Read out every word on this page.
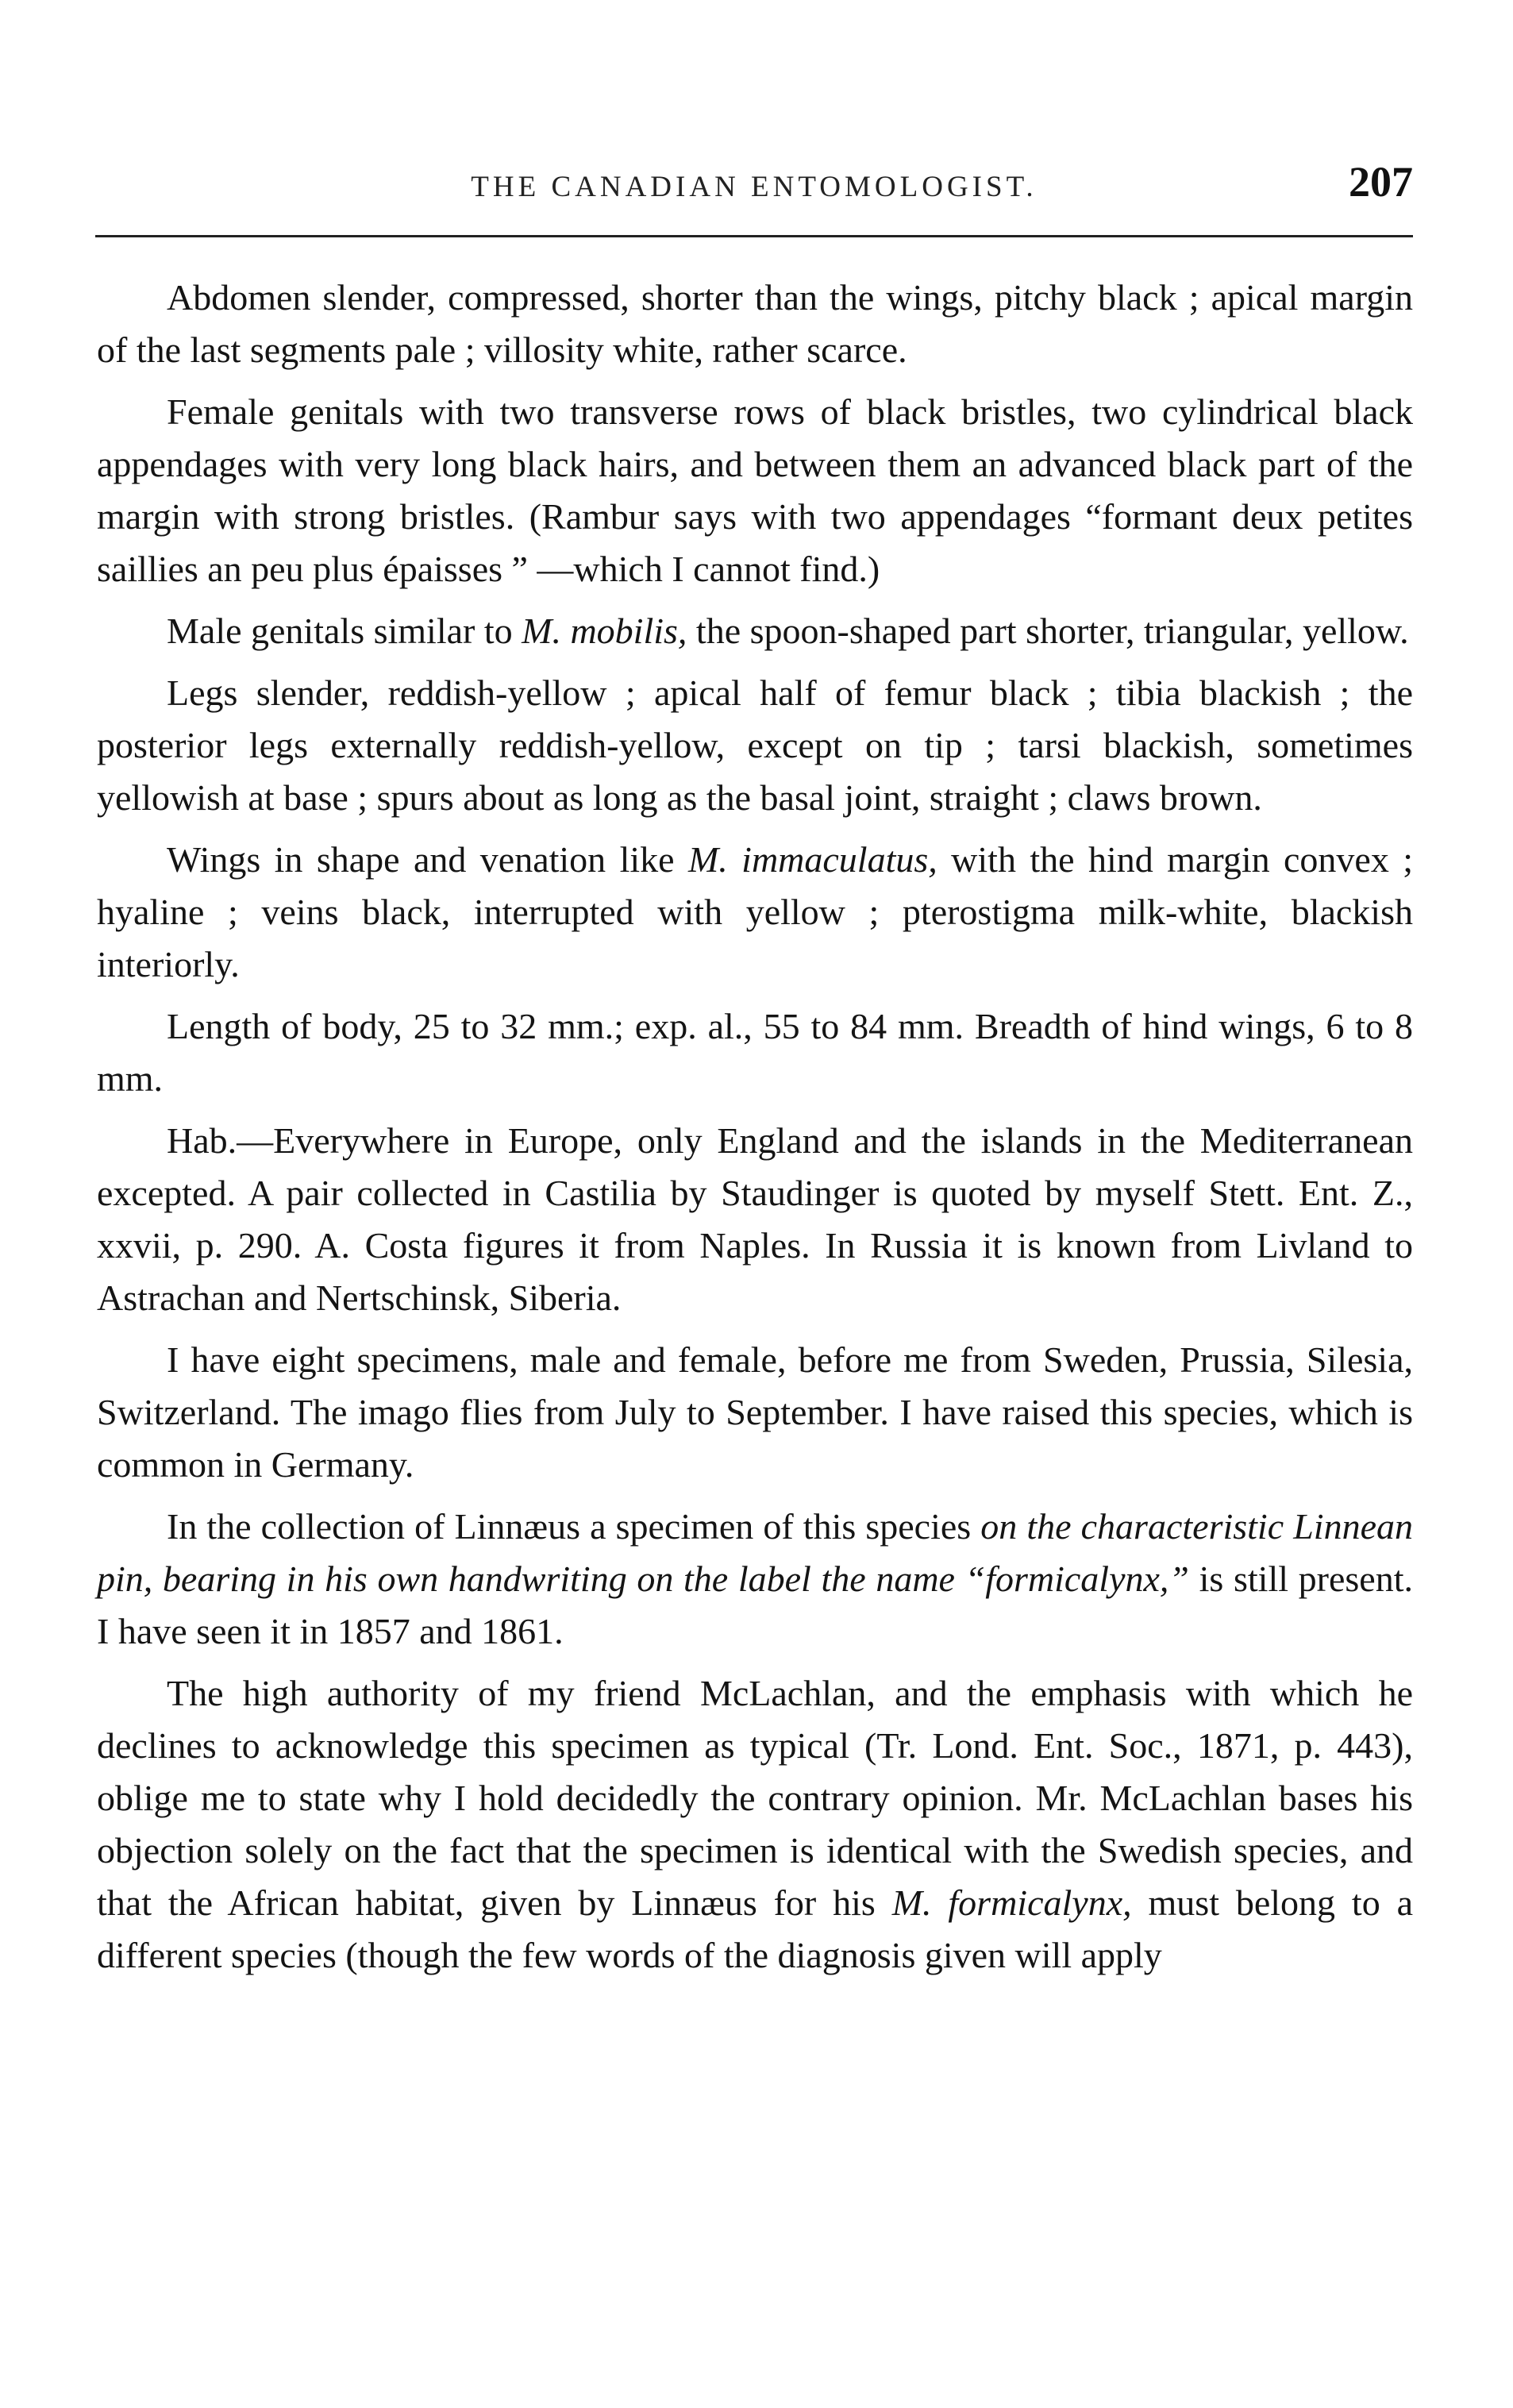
THE CANADIAN ENTOMOLOGIST.	207

Abdomen slender, compressed, shorter than the wings, pitchy black ; apical margin of the last segments pale ; villosity white, rather scarce.

Female genitals with two transverse rows of black bristles, two cylindrical black appendages with very long black hairs, and between them an advanced black part of the margin with strong bristles. (Rambur says with two appendages “formant deux petites saillies an peu plus épaisses ” —which I cannot find.)

Male genitals similar to M. mobilis, the spoon-shaped part shorter, triangular, yellow.

Legs slender, reddish-yellow ; apical half of femur black ; tibia blackish ; the posterior legs externally reddish-yellow, except on tip ; tarsi blackish, sometimes yellowish at base ; spurs about as long as the basal joint, straight ; claws brown.

Wings in shape and venation like M. immaculatus, with the hind margin convex ; hyaline ; veins black, interrupted with yellow ; pterostigma milk-white, blackish interiorly.

Length of body, 25 to 32 mm.; exp. al., 55 to 84 mm. Breadth of hind wings, 6 to 8 mm.

Hab.—Everywhere in Europe, only England and the islands in the Mediterranean excepted. A pair collected in Castilia by Staudinger is quoted by myself Stett. Ent. Z., xxvii, p. 290. A. Costa figures it from Naples. In Russia it is known from Livland to Astrachan and Nertschinsk, Siberia.

I have eight specimens, male and female, before me from Sweden, Prussia, Silesia, Switzerland. The imago flies from July to September. I have raised this species, which is common in Germany.

In the collection of Linnæus a specimen of this species on the characteristic Linnean pin, bearing in his own handwriting on the label the name “formicalynx,” is still present. I have seen it in 1857 and 1861.

The high authority of my friend McLachlan, and the emphasis with which he declines to acknowledge this specimen as typical (Tr. Lond. Ent. Soc., 1871, p. 443), oblige me to state why I hold decidedly the contrary opinion. Mr. McLachlan bases his objection solely on the fact that the specimen is identical with the Swedish species, and that the African habitat, given by Linnæus for his M. formicalynx, must belong to a different species (though the few words of the diagnosis given will apply
